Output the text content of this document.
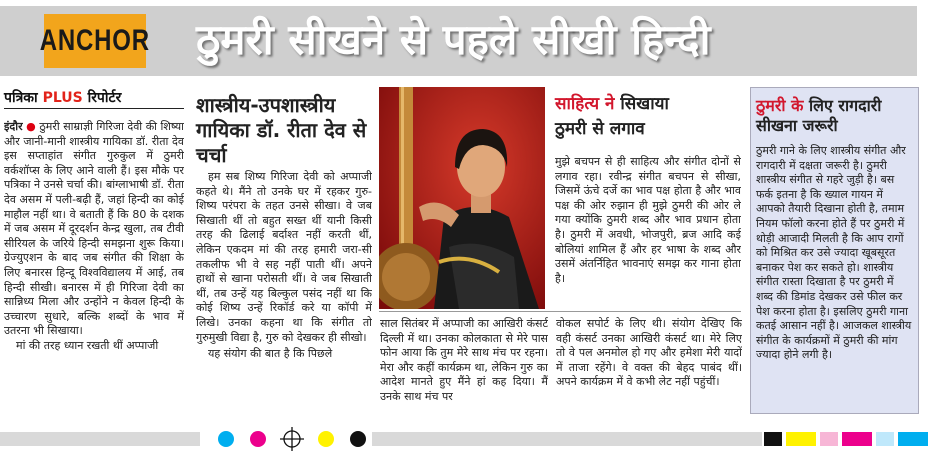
ANCHOR ठुमरी सीखने से पहले सीखी हिन्दी
पत्रिका PLUS रिपोर्टर

इंदौर ● ठुमरी साम्राज्ञी गिरिजा देवी की शिष्या और जानी-मानी शास्त्रीय गायिका डॉ. रीता देव इस सप्ताहांत संगीत गुरुकुल में ठुमरी वर्कशॉप्स के लिए आने वाली हैं। इस मौके पर पत्रिका ने उनसे चर्चा की। बांग्लाभाषी डॉ. रीता देव असम में पली-बढ़ी हैं, जहां हिन्दी का कोई माहौल नहीं था। वे बताती हैं कि 80 के दशक में जब असम में दूरदर्शन केन्द्र खुला, तब टीवी सीरियल के जरिये हिन्दी समझना शुरू किया। ग्रेज्युएशन के बाद जब संगीत की शिक्षा के लिए बनारस हिन्दू विश्वविद्यालय में आई, तब हिन्दी सीखी। बनारस में ही गिरिजा देवी का सान्निध्य मिला और उन्होंने न केवल हिन्दी के उच्चारण सुधारे, बल्कि शब्दों के भाव में उतरना भी सिखाया।

मां की तरह ध्यान रखती थीं अप्पाजी

शास्त्रीय-उपशास्त्रीय गायिका डॉ. रीता देव से चर्चा

हम सब शिष्य गिरिजा देवी को अप्पाजी कहते थे। मैंने तो उनके घर में रहकर गुरु-शिष्य परंपरा के तहत उनसे सीखा। वे जब सिखाती थीं तो बहुत सख्त थीं यानी किसी तरह की ढिलाई बर्दाश्त नहीं करती थीं, लेकिन एकदम मां की तरह हमारी जरा-सी तकलीफ भी वे सह नहीं पाती थीं। अपने हाथों से खाना परोसती थीं। वे जब सिखाती थीं, तब उन्हें यह बिल्कुल पसंद नहीं था कि कोई शिष्य उन्हें रिकॉर्ड करे या कॉपी में लिखे। उनका कहना था कि संगीत तो गुरुमुखी विद्या है, गुरु को देखकर ही सीखो।

यह संयोग की बात है कि पिछले

साल सितंबर में अप्पाजी का आखिरी कंसर्ट दिल्ली में था। उनका कोलकाता से मेरे पास फोन आया कि तुम मेरे साथ मंच पर रहना। मेरा और कहीं कार्यक्रम था, लेकिन गुरु का आदेश मानते हुए मैंने हां कह दिया। मैं उनके साथ मंच पर

साहित्य ने सिखाया
ठुमरी से लगाव

मुझे बचपन से ही साहित्य और संगीत दोनों से लगाव रहा। रवीन्द्र संगीत बचपन से सीखा, जिसमें ऊंचे दर्जे का भाव पक्ष होता है और भाव पक्ष की ओर रुझान ही मुझे ठुमरी की ओर ले गया क्योंकि ठुमरी शब्द और भाव प्रधान होता है। ठुमरी में अवधी, भोजपुरी, ब्रज आदि कई बोलियां शामिल हैं और हर भाषा के शब्द और उसमें अंतर्निहित भावनाएं समझ कर गाना होता है।

वोकल सपोर्ट के लिए थी। संयोग देखिए कि वही कंसर्ट उनका आखिरी कंसर्ट था। मेरे लिए तो वे पल अनमोल हो गए और हमेशा मेरी यादों में ताजा रहेंगे। वे वक्त की बेहद पाबंद थीं। अपने कार्यक्रम में वे कभी लेट नहीं पहुंचीं।

ठुमरी के लिए रागदारी
सीखना जरूरी

ठुमरी गाने के लिए शास्त्रीय संगीत और रागदारी में दक्षता जरूरी है। ठुमरी शास्त्रीय संगीत से गहरे जुड़ी है। बस फर्क इतना है कि ख्याल गायन में आपको तैयारी दिखाना होती है, तमाम नियम फॉलो करना होते हैं पर ठुमरी में थोड़ी आजादी मिलती है कि आप रागों को मिश्रित कर उसे ज्यादा खूबसूरत बनाकर पेश कर सकते हो। शास्त्रीय संगीत रास्ता दिखाता है पर ठुमरी में शब्द की डिमांड देखकर उसे फील कर पेश करना होता है। इसलिए ठुमरी गाना कतई आसान नहीं है। आजकल शास्त्रीय संगीत के कार्यक्रमों में ठुमरी की मांग ज्यादा होने लगी है।
